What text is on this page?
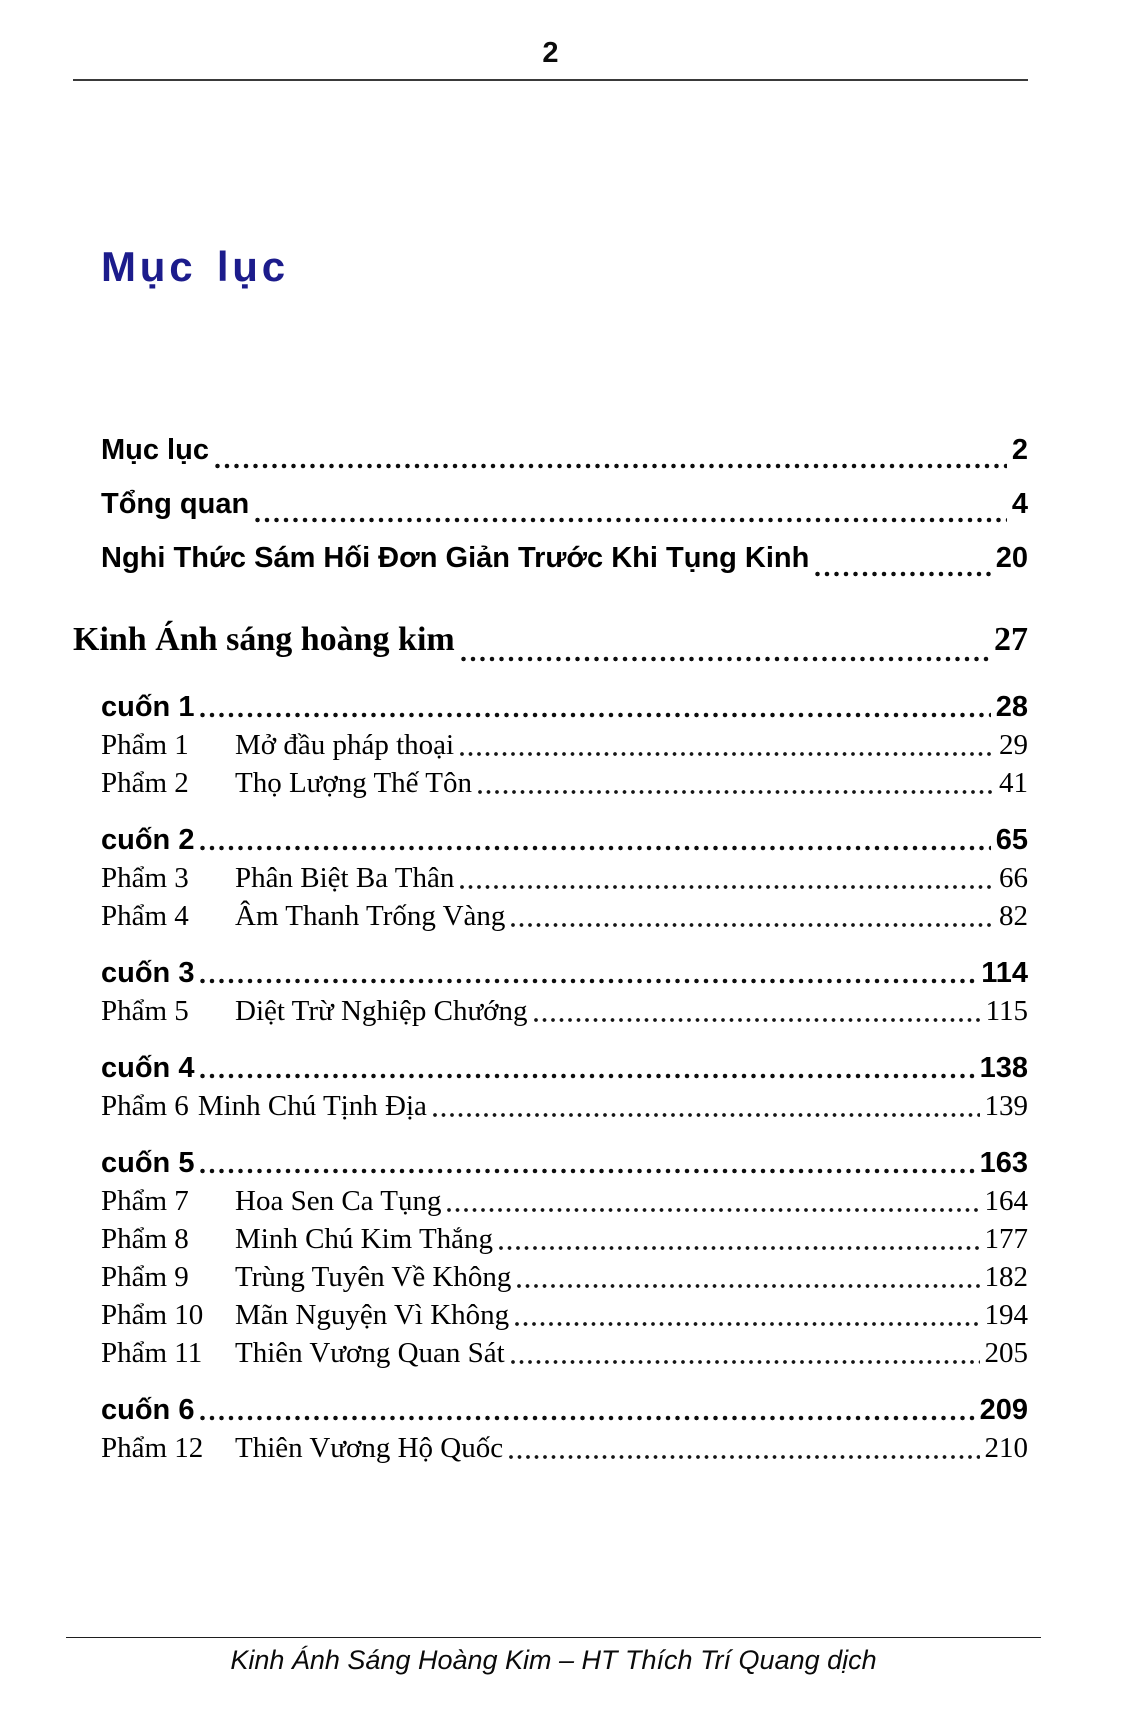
2
Mục lục
Mục lục	2
Tổng quan	4
Nghi Thức Sám Hối Đơn Giản Trước Khi Tụng Kinh	20
Kinh Ánh sáng hoàng kim	27
cuốn 1	28
Phẩm 1	Mở đầu pháp thoại	29
Phẩm 2	Thọ Lượng Thế Tôn	41
cuốn 2	65
Phẩm 3	Phân Biệt Ba Thân	66
Phẩm 4	Âm Thanh Trống Vàng	82
cuốn 3	114
Phẩm 5	Diệt Trừ Nghiệp Chướng	115
cuốn 4	138
Phẩm 6 Minh Chú Tịnh Địa	139
cuốn 5	163
Phẩm 7	Hoa Sen Ca Tụng	164
Phẩm 8	Minh Chú Kim Thắng	177
Phẩm 9	Trùng Tuyên Về Không	182
Phẩm 10	Mãn Nguyện Vì Không	194
Phẩm 11	Thiên Vương Quan Sát	205
cuốn 6	209
Phẩm 12	Thiên Vương Hộ Quốc	210
Kinh Ánh Sáng Hoàng Kim – HT Thích Trí Quang dịch
